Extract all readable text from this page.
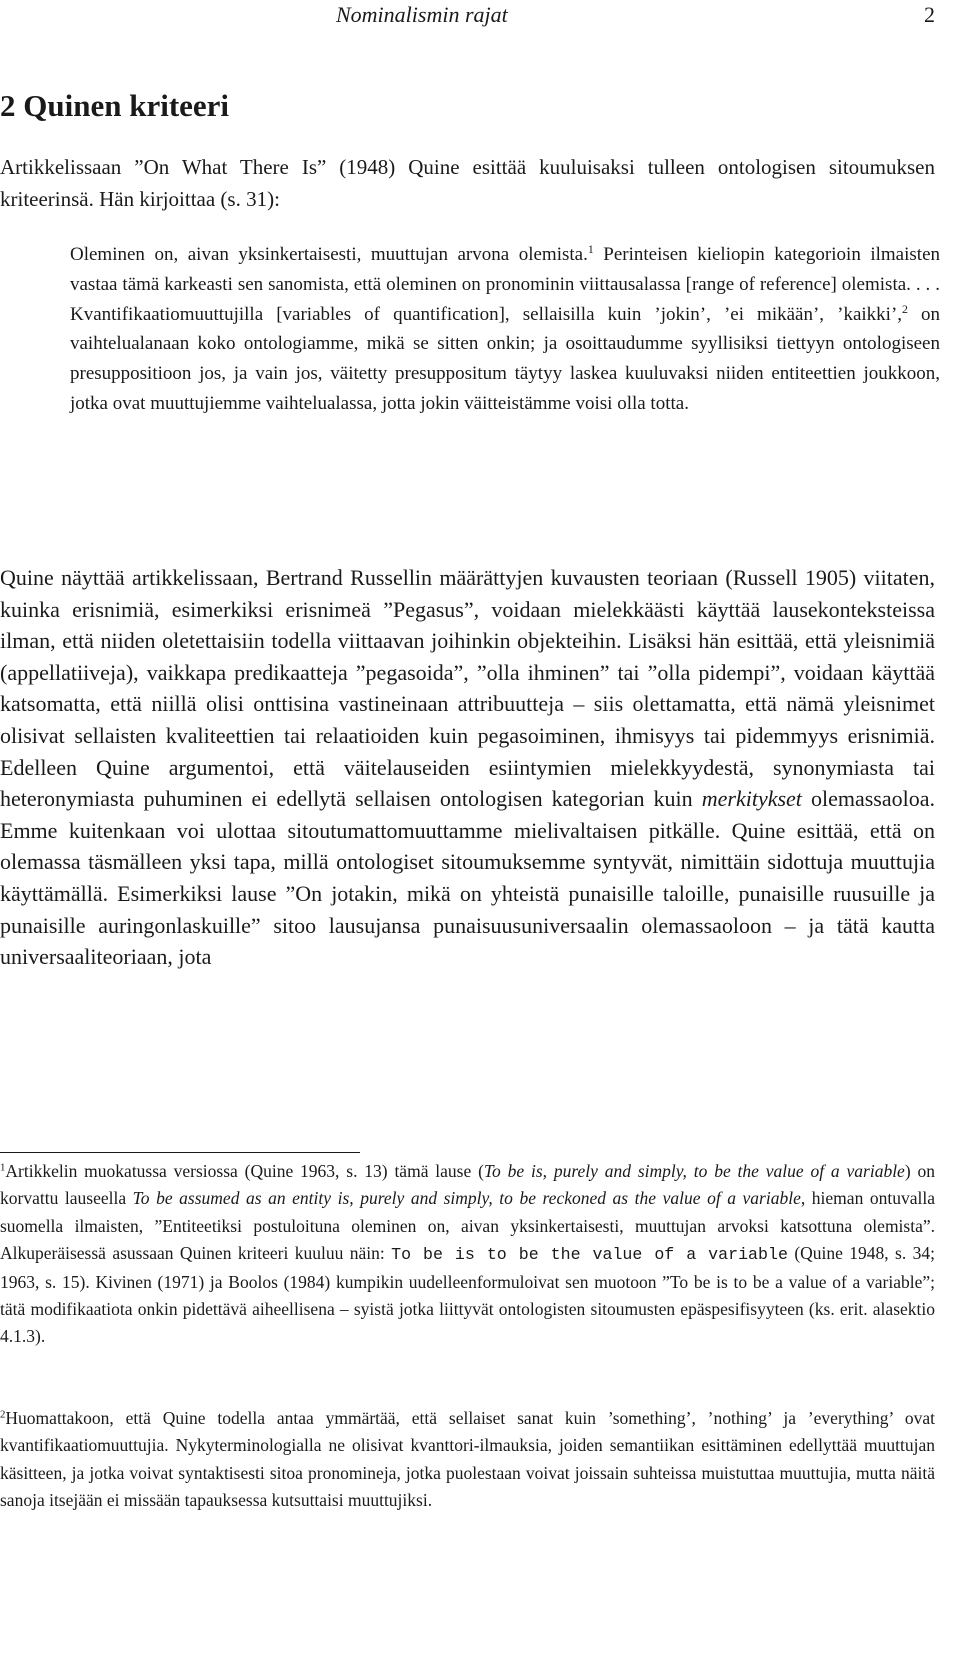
Nominalismin rajat	2
2 Quinen kriteeri

Artikkelissaan ”On What There Is” (1948) Quine esittää kuuluisaksi tulleen ontologisen sitoumuksen kriteerinsä. Hän kirjoittaa (s. 31):

Oleminen on, aivan yksinkertaisesti, muuttujan arvona olemista.$^1$ Perinteisen kieliopin kategorioin ilmaisten vastaa tämä karkeasti sen sanomista, että oleminen on pronominin viittausalassa [range of reference] olemista. . . . Kvantifikaatiomuuttujilla [variables of quantification], sellaisilla kuin ’jokin’, ’ei mikään’, ’kaikki’,$^2$ on vaihtelualanaan koko ontologiamme, mikä se sitten onkin; ja osoittaudumme syyllisiksi tiettyyn ontologiseen presuppositioon jos, ja vain jos, väitetty presuppositum täytyy laskea kuuluvaksi niiden entiteettien joukkoon, jotka ovat muuttujiemme vaihtelualassa, jotta jokin väitteistämme voisi olla totta.

Quine näyttää artikkelissaan, Bertrand Russellin määrättyjen kuvausten teoriaan (Russell 1905) viitaten, kuinka erisnimiä, esimerkiksi erisnimeä ”Pegasus”, voidaan mielekkäästi käyttää lausekonteksteissa ilman, että niiden oletettaisiin todella viittaavan joihinkin objekteihin. Lisäksi hän esittää, että yleisnimiä (appellatiiveja), vaikkapa predikaatteja ”pegasoida”, ”olla ihminen” tai ”olla pidempi”, voidaan käyttää katsomatta, että niillä olisi onttisina vastineinaan attribuutteja – siis olettamatta, että nämä yleisnimet olisivat sellaisten kvaliteettien tai relaatioiden kuin pegasoiminen, ihmisyys tai pidemmyys erisnimiä. Edelleen Quine argumentoi, että väitelauseiden esiintymien mielekkyydestä, synonymiasta tai heteronymiasta puhuminen ei edellytä sellaisen ontologisen kategorian kuin merkitykset olemassaoloa. Emme kuitenkaan voi ulottaa sitoutumattomuuttamme mielivaltaisen pitkälle. Quine esittää, että on olemassa täsmälleen yksi tapa, millä ontologiset sitoumuksemme syntyvät, nimittäin sidottuja muuttujia käyttämällä. Esimerkiksi lause ”On jotakin, mikä on yhteistä punaisille taloille, punaisille ruusuille ja punaisille auringonlaskuille” sitoo lausujansa punaisuusuniversaalin olemassaoloon – ja tätä kautta universaaliteoriaan, jota

$^1$Artikkelin muokatussa versiossa (Quine 1963, s. 13) tämä lause (To be is, purely and simply, to be the value of a variable) on korvattu lauseella To be assumed as an entity is, purely and simply, to be reckoned as the value of a variable, hieman ontuvalla suomella ilmaisten, ”Entiteetiksi postuloituna oleminen on, aivan yksinkertaisesti, muuttujan arvoksi katsottuna olemista”. Alkuperäisessä asussaan Quinen kriteeri kuuluu näin: To be is to be the value of a variable (Quine 1948, s. 34; 1963, s. 15). Kivinen (1971) ja Boolos (1984) kumpikin uudelleenformuloivat sen muotoon ”To be is to be a value of a variable”; tätä modifikaatiota onkin pidettävä aiheellisena – syistä jotka liittyvät ontologisten sitoumusten epäspesifisyyteen (ks. erit. alasektio 4.1.3).

$^2$Huomattakoon, että Quine todella antaa ymmärtää, että sellaiset sanat kuin ’something’, ’nothing’ ja ’everything’ ovat kvantifikaatiomuuttujia. Nykyterminologialla ne olisivat kvanttori-ilmauksia, joiden semantiikan esittäminen edellyttää muuttujan käsitteen, ja jotka voivat syntaktisesti sitoa pronomineja, jotka puolestaan voivat joissain suhteissa muistuttaa muuttujia, mutta näitä sanoja itsejään ei missään tapauksessa kutsuttaisi muuttujiksi.
